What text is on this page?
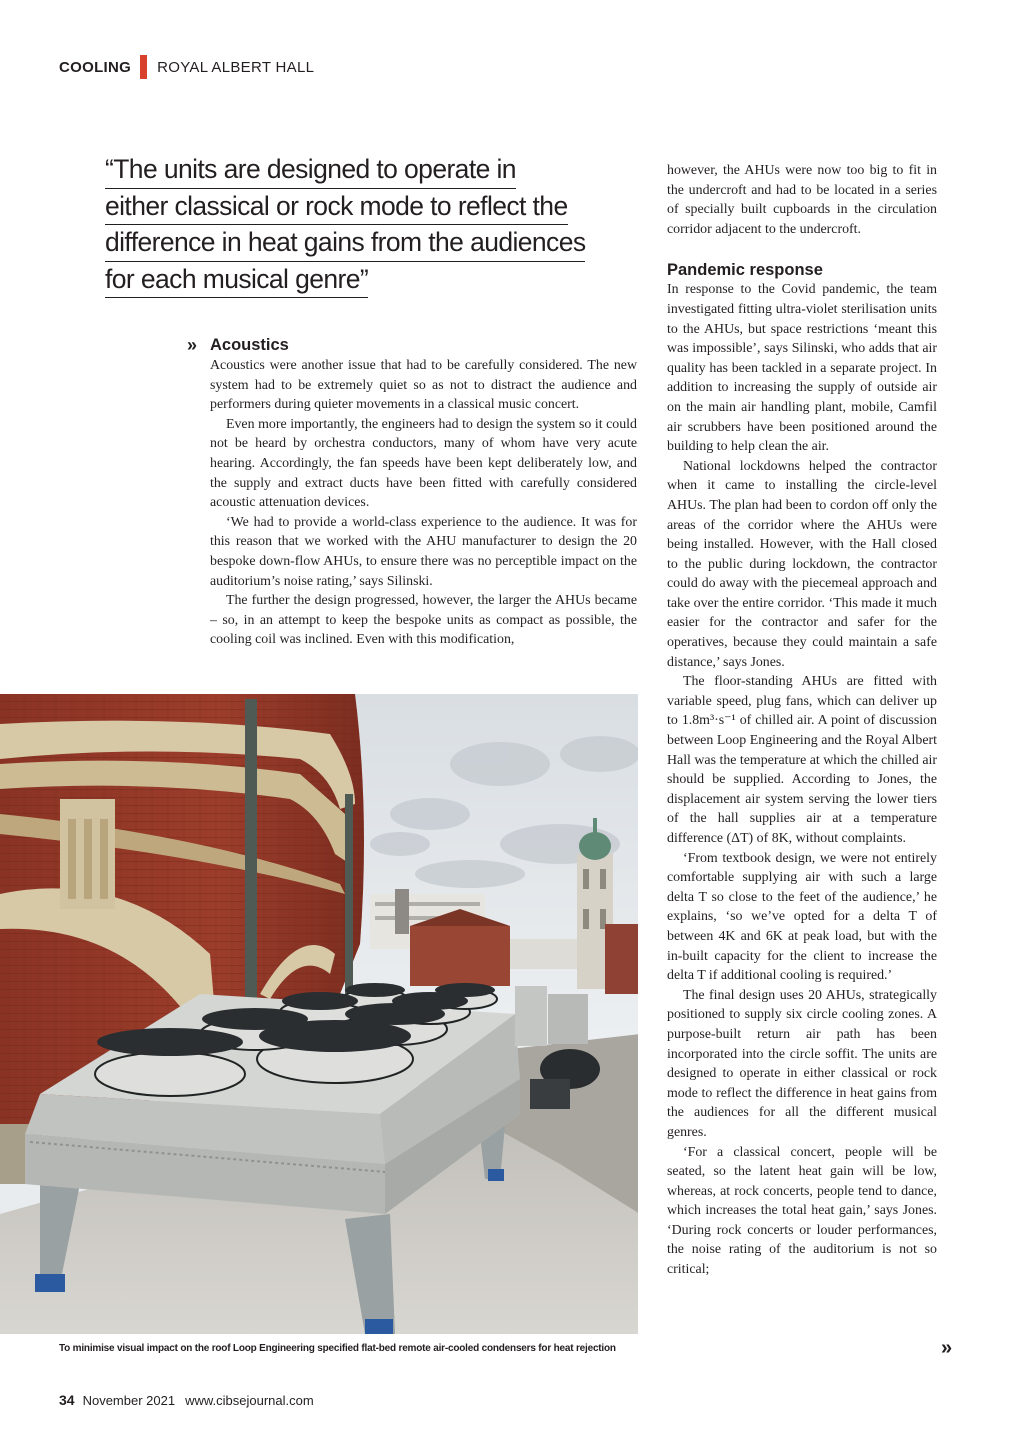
COOLING ROYAL ALBERT HALL
“The units are designed to operate in
either classical or rock mode to reflect the
difference in heat gains from the audiences
for each musical genre”
» Acoustics

Acoustics were another issue that had to be carefully considered. The new system had to be extremely quiet so as not to distract the audience and performers during quieter movements in a classical music concert.

Even more importantly, the engineers had to design the system so it could not be heard by orchestra conductors, many of whom have very acute hearing. Accordingly, the fan speeds have been kept deliberately low, and the supply and extract ducts have been fitted with carefully considered acoustic attenuation devices.

‘We had to provide a world-class experience to the audience. It was for this reason that we worked with the AHU manufacturer to design the 20 bespoke down-flow AHUs, to ensure there was no perceptible impact on the auditorium’s noise rating,’ says Silinski.

The further the design progressed, however, the larger the AHUs became – so, in an attempt to keep the bespoke units as compact as possible, the cooling coil was inclined. Even with this modification,

however, the AHUs were now too big to fit in the undercroft and had to be located in a series of specially built cupboards in the circulation corridor adjacent to the undercroft.

Pandemic response

In response to the Covid pandemic, the team investigated fitting ultra-violet sterilisation units to the AHUs, but space restrictions ‘meant this was impossible’, says Silinski, who adds that air quality has been tackled in a separate project. In addition to increasing the supply of outside air on the main air handling plant, mobile, Camfil air scrubbers have been positioned around the building to help clean the air.

National lockdowns helped the contractor when it came to installing the circle-level AHUs. The plan had been to cordon off only the areas of the corridor where the AHUs were being installed. However, with the Hall closed to the public during lockdown, the contractor could do away with the piecemeal approach and take over the entire corridor. ‘This made it much easier for the contractor and safer for the operatives, because they could maintain a safe distance,’ says Jones.

The floor-standing AHUs are fitted with variable speed, plug fans, which can deliver up to 1.8m³·s⁻¹ of chilled air. A point of discussion between Loop Engineering and the Royal Albert Hall was the temperature at which the chilled air should be supplied. According to Jones, the displacement air system serving the lower tiers of the hall supplies air at a temperature difference (ΔT) of 8K, without complaints.

‘From textbook design, we were not entirely comfortable supplying air with such a large delta T so close to the feet of the audience,’ he explains, ‘so we’ve opted for a delta T of between 4K and 6K at peak load, but with the in-built capacity for the client to increase the delta T if additional cooling is required.’

The final design uses 20 AHUs, strategically positioned to supply six circle cooling zones. A purpose-built return air path has been incorporated into the circle soffit. The units are designed to operate in either classical or rock mode to reflect the difference in heat gains from the audiences for all the different musical genres.

‘For a classical concert, people will be seated, so the latent heat gain will be low, whereas, at rock concerts, people tend to dance, which increases the total heat gain,’ says Jones. ‘During rock concerts or louder performances, the noise rating of the auditorium is not so critical;

To minimise visual impact on the roof Loop Engineering specified flat-bed remote air-cooled condensers for heat rejection	»
34 November 2021 www.cibsejournal.com
